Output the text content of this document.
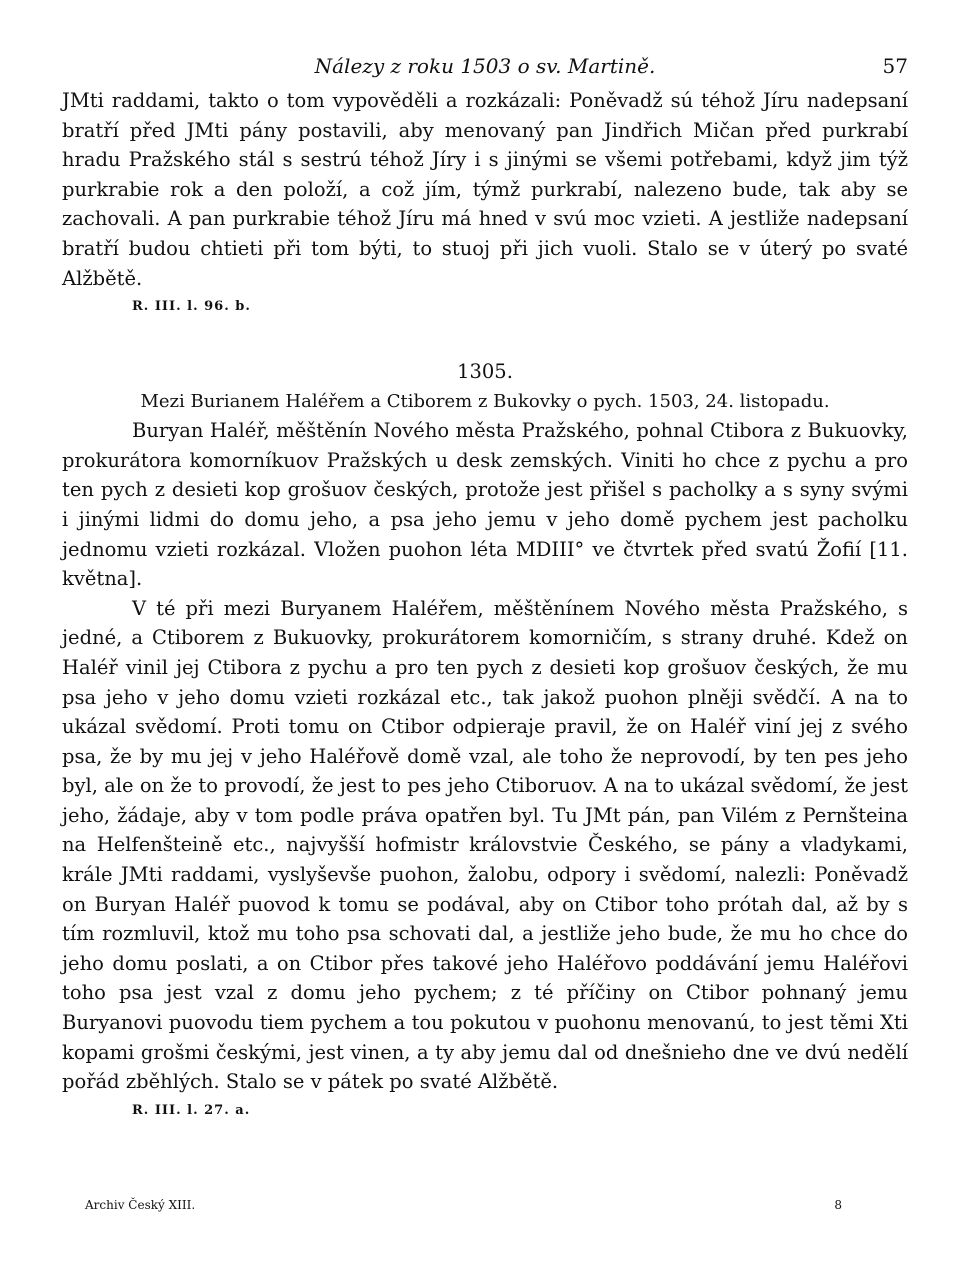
Nálezy z roku 1503 o sv. Martině.	57

JMti raddami, takto o tom vypověděli a rozkázali: Poněvadž sú téhož Jíru nadepsaní bratří před JMti pány postavili, aby menovaný pan Jindřich Mičan před purkrabí hradu Pražského stál s sestrú téhož Jíry i s jinými se všemi potřebami, když jim týž purkrabie rok a den položí, a což jím, týmž purkrabí, nalezeno bude, tak aby se zachovali. A pan purkrabie téhož Jíru má hned v svú moc vzieti. A jestliže nadepsaní bratří budou chtieti při tom býti, to stuoj při jich vuoli. Stalo se v úterý po svaté Alžbětě.

R. III. l. 96. b.
1305.
Mezi Burianem Haléřem a Ctiborem z Bukovky o pych. 1503, 24. listopadu.

Buryan Haléř, měštěnín Nového města Pražského, pohnal Ctibora z Bukuovky, prokurátora komorníkuov Pražských u desk zemských. Viniti ho chce z pychu a pro ten pych z desieti kop grošuov českých, protože jest přišel s pacholky a s syny svými i jinými lidmi do domu jeho, a psa jeho jemu v jeho domě pychem jest pacholku jednomu vzieti rozkázal. Vložen puohon léta MDIII° ve čtvrtek před svatú Žofií [11. května].

V té při mezi Buryanem Haléřem, měštěnínem Nového města Pražského, s jedné, a Ctiborem z Bukuovky, prokurátorem komorničím, s strany druhé. Kdež on Haléř vinil jej Ctibora z pychu a pro ten pych z desieti kop grošuov českých, že mu psa jeho v jeho domu vzieti rozkázal etc., tak jakož puohon plněji svědčí. A na to ukázal svědomí. Proti tomu on Ctibor odpieraje pravil, že on Haléř viní jej z svého psa, že by mu jej v jeho Haléřově domě vzal, ale toho že neprovodí, by ten pes jeho byl, ale on že to provodí, že jest to pes jeho Ctiboruov. A na to ukázal svědomí, že jest jeho, žádaje, aby v tom podle práva opatřen byl. Tu JMt pán, pan Vilém z Pernšteina na Helfenšteině etc., najvyšší hofmistr královstvie Českého, se pány a vladykami, krále JMti raddami, vyslyševše puohon, žalobu, odpory i svědomí, nalezli: Poněvadž on Buryan Haléř puovod k tomu se podával, aby on Ctibor toho prótah dal, až by s tím rozmluvil, ktož mu toho psa schovati dal, a jestliže jeho bude, že mu ho chce do jeho domu poslati, a on Ctibor přes takové jeho Haléřovo poddávání jemu Haléřovi toho psa jest vzal z domu jeho pychem; z té příčiny on Ctibor pohnaný jemu Buryanovi puovodu tiem pychem a tou pokutou v puohonu menovanú, to jest těmi Xti kopami grošmi českými, jest vinen, a ty aby jemu dal od dnešnieho dne ve dvú nedělí pořád zběhlých. Stalo se v pátek po svaté Alžbětě.

R. III. l. 27. a.
Archiv Český XIII.	8
